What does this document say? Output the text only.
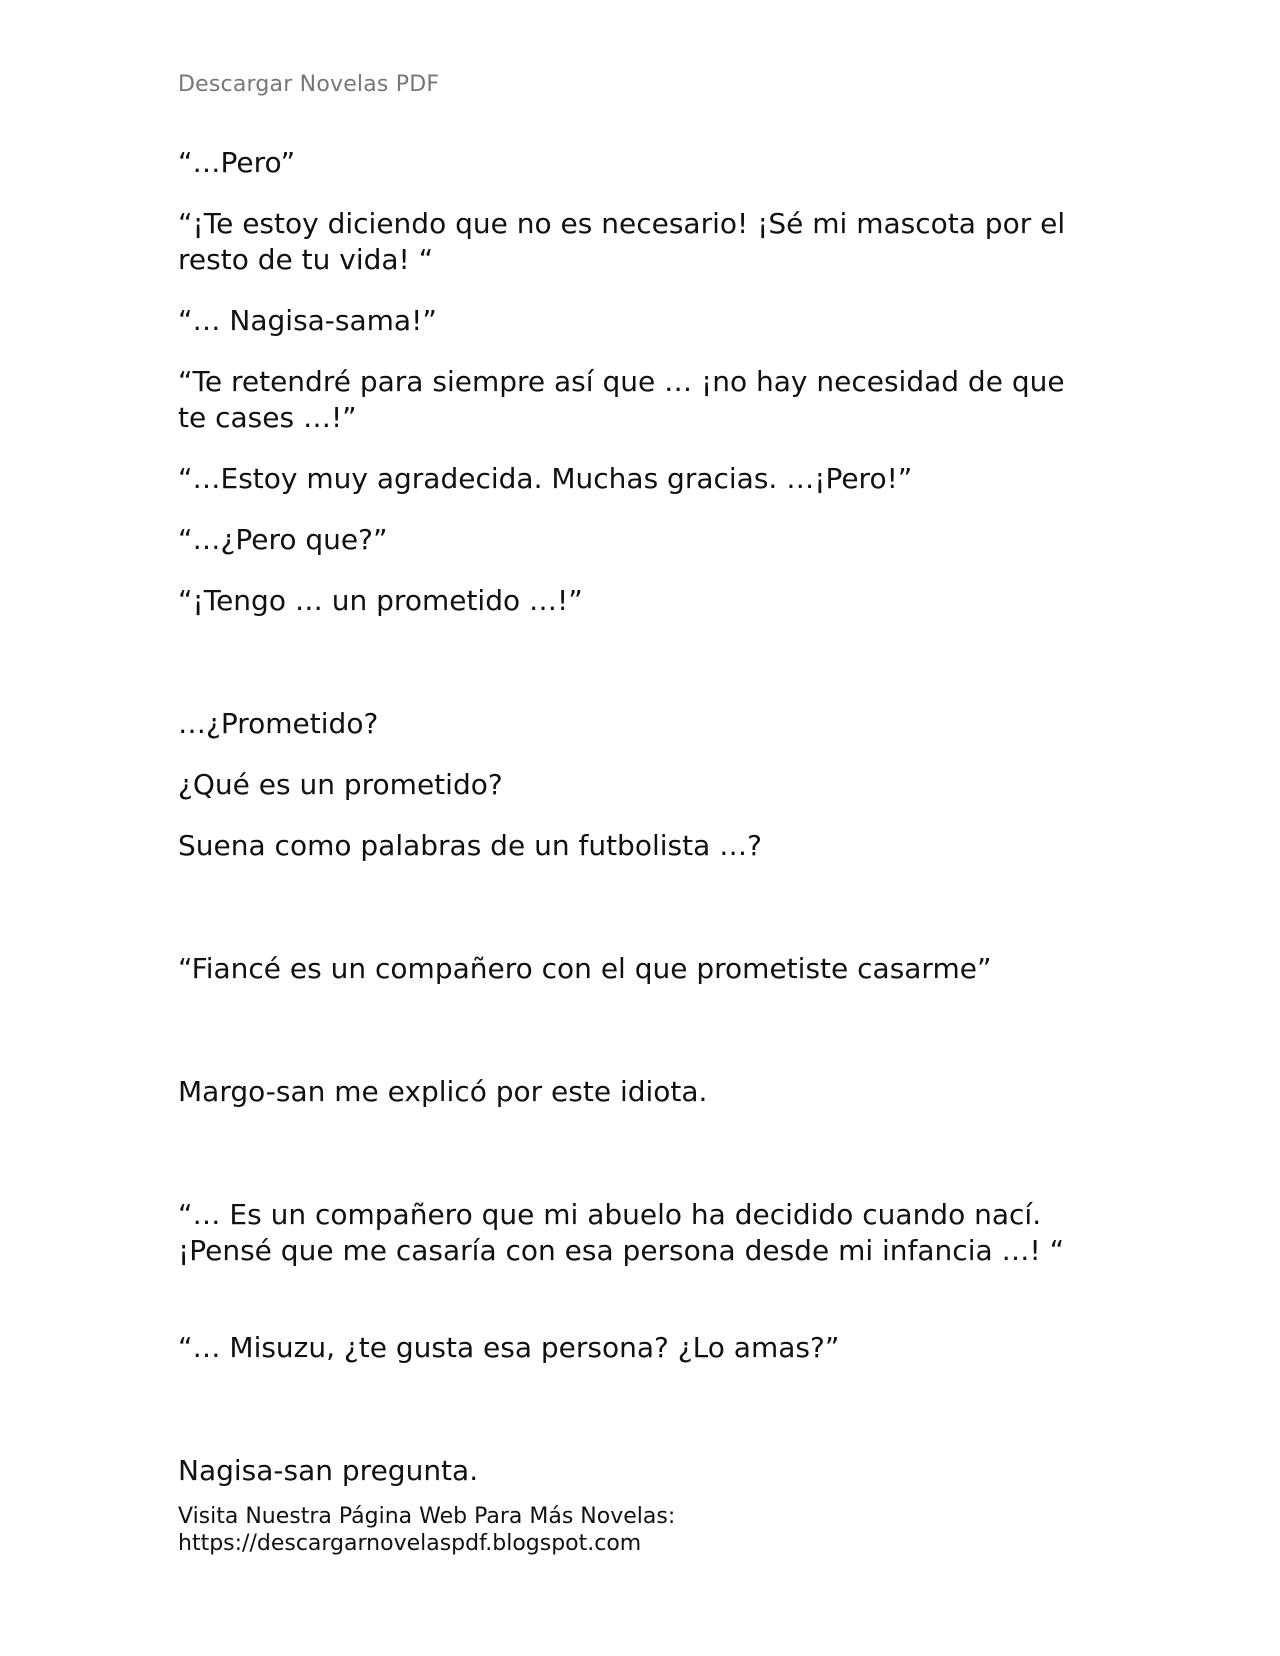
Descargar Novelas PDF
“…Pero”
“¡Te estoy diciendo que no es necesario! ¡Sé mi mascota por el resto de tu vida! “
“… Nagisa-sama!”
“Te retendré para siempre así que … ¡no hay necesidad de que te cases …!”
“…Estoy muy agradecida. Muchas gracias. …¡Pero!”
“…¿Pero que?”
“¡Tengo … un prometido …!”
…¿Prometido?
¿Qué es un prometido?
Suena como palabras de un futbolista …?
“Fiancé es un compañero con el que prometiste casarme”
Margo-san me explicó por este idiota.
“… Es un compañero que mi abuelo ha decidido cuando nací. ¡Pensé que me casaría con esa persona desde mi infancia …! “
“… Misuzu, ¿te gusta esa persona? ¿Lo amas?”
Nagisa-san pregunta.
Visita Nuestra Página Web Para Más Novelas:
https://descargarnovelaspdf.blogspot.com
